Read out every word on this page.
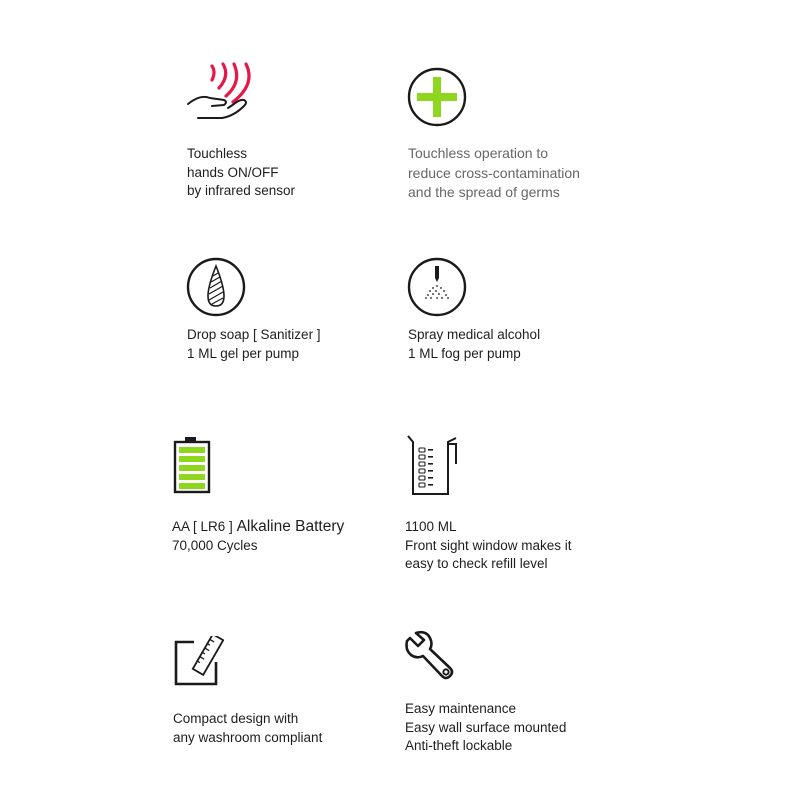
Touchless
hands ON/OFF
by infrared sensor
Touchless operation to
reduce cross-contamination
and the spread of germs
Drop soap [ Sanitizer ]
1 ML gel per pump
Spray medical alcohol
1 ML fog per pump
AA [ LR6 ] Alkaline Battery
70,000 Cycles
1100 ML
Front sight window makes it
easy to check refill level
Compact design with
any washroom compliant
Easy maintenance
Easy wall surface mounted
Anti-theft lockable
